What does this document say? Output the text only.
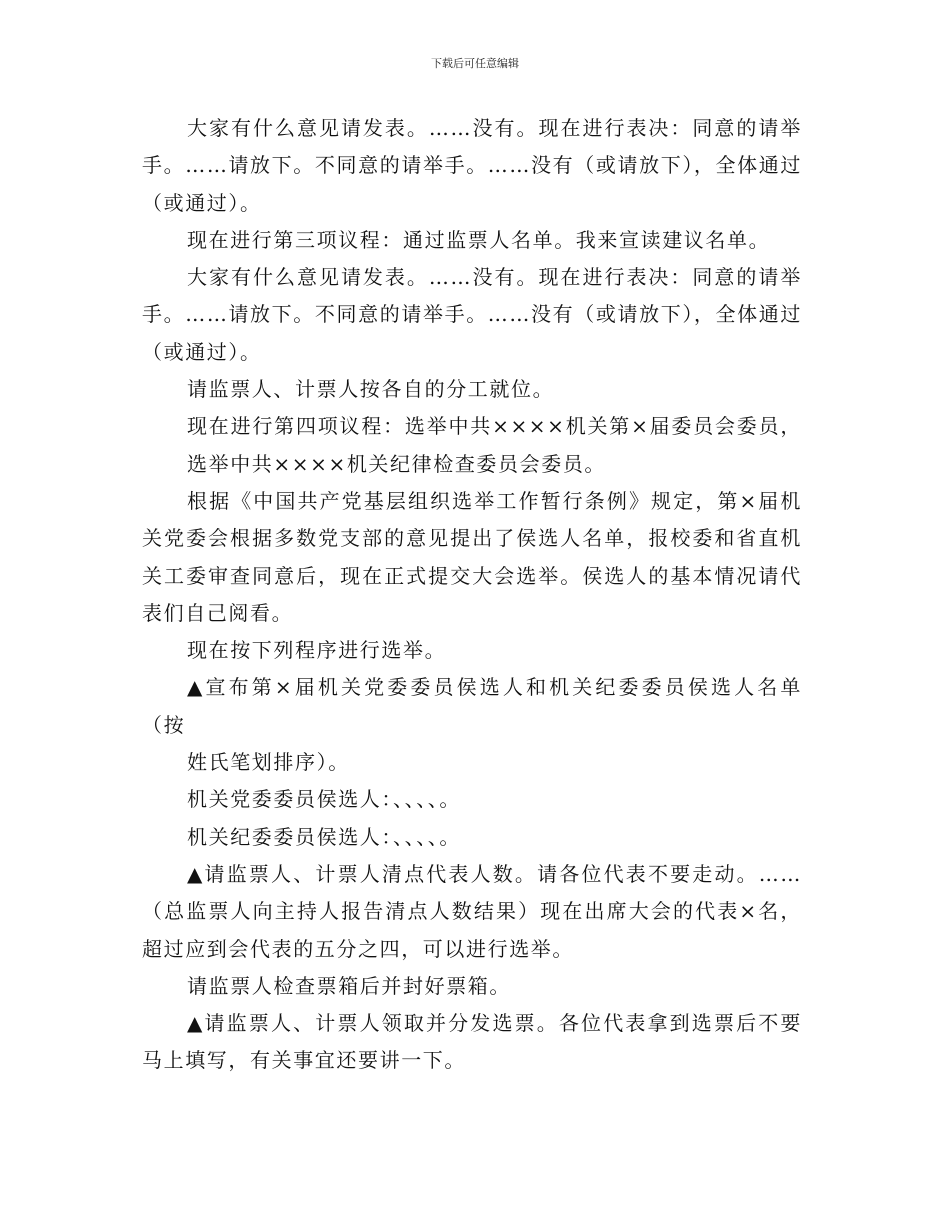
下载后可任意编辑

大家有什么意见请发表。……没有。现在进行表决：同意的请举手。……请放下。不同意的请举手。……没有（或请放下），全体通过（或通过）。

现在进行第三项议程：通过监票人名单。我来宣读建议名单。

大家有什么意见请发表。……没有。现在进行表决：同意的请举手。……请放下。不同意的请举手。……没有（或请放下），全体通过（或通过）。

请监票人、计票人按各自的分工就位。

现在进行第四项议程：选举中共××××机关第×届委员会委员，选举中共××××机关纪律检查委员会委员。

根据《中国共产党基层组织选举工作暂行条例》规定，第×届机关党委会根据多数党支部的意见提出了侯选人名单，报校委和省直机关工委审查同意后，现在正式提交大会选举。侯选人的基本情况请代表们自己阅看。

现在按下列程序进行选举。

▲宣布第×届机关党委委员侯选人和机关纪委委员侯选人名单（按

姓氏笔划排序）。

机关党委委员侯选人：、、、、。

机关纪委委员侯选人：、、、、。

▲请监票人、计票人清点代表人数。请各位代表不要走动。……（总监票人向主持人报告清点人数结果）现在出席大会的代表×名，超过应到会代表的五分之四，可以进行选举。

请监票人检查票箱后并封好票箱。

▲请监票人、计票人领取并分发选票。各位代表拿到选票后不要马上填写，有关事宜还要讲一下。
